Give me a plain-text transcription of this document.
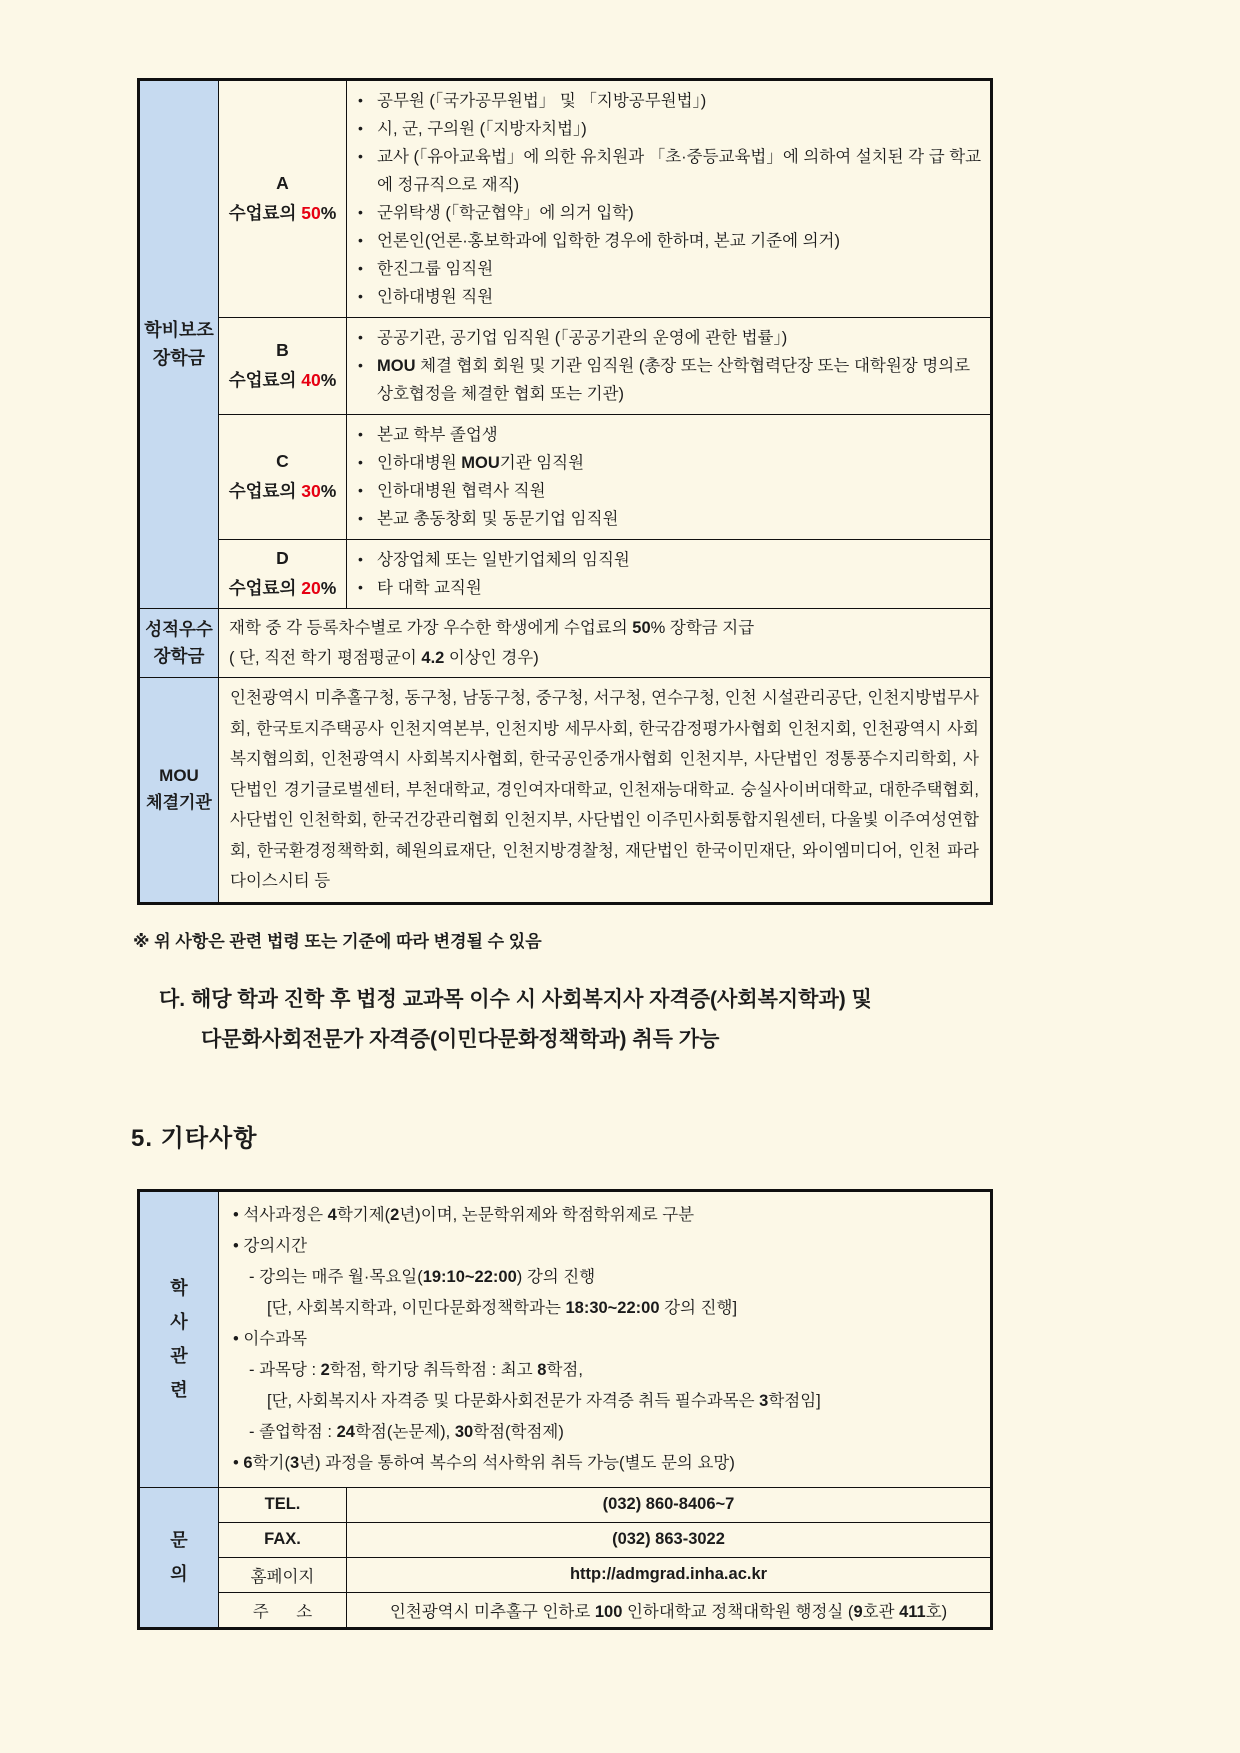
학비보조
장학금

A
수업료의 50%

• 공무원 (「국가공무원법」 및 「지방공무원법」)
• 시, 군, 구의원 (「지방자치법」)
• 교사 (「유아교육법」에 의한 유치원과 「초·중등교육법」에 의하여 설치된 각 급 학교에 정규직으로 재직)
• 군위탁생 (「학군협약」에 의거 입학)
• 언론인(언론·홍보학과에 입학한 경우에 한하며, 본교 기준에 의거)
• 한진그룹 임직원
• 인하대병원 직원

B
수업료의 40%

• 공공기관, 공기업 임직원 (「공공기관의 운영에 관한 법률」)
• MOU 체결 협회 회원 및 기관 임직원 (총장 또는 산학협력단장 또는 대학원장 명의로 상호협정을 체결한 협회 또는 기관)

C
수업료의 30%

• 본교 학부 졸업생
• 인하대병원 MOU기관 임직원
• 인하대병원 협력사 직원
• 본교 총동창회 및 동문기업 임직원

D
수업료의 20%

• 상장업체 또는 일반기업체의 임직원
• 타 대학 교직원

성적우수
장학금

재학 중 각 등록차수별로 가장 우수한 학생에게 수업료의 50% 장학금 지급
( 단, 직전 학기 평점평균이 4.2 이상인 경우)

MOU
체결기관	인천광역시 미추홀구청, 동구청, 남동구청, 중구청, 서구청, 연수구청, 인천 시설관리공단, 인천지방법무사회, 한국토지주택공사 인천지역본부, 인천지방 세무사회, 한국감정평가사협회 인천지회, 인천광역시 사회복지협의회, 인천광역시 사회복지사협회, 한국공인중개사협회 인천지부, 사단법인 정통풍수지리학회, 사단법인 경기글로벌센터, 부천대학교, 경인여자대학교, 인천재능대학교. 숭실사이버대학교, 대한주택협회, 사단법인 인천학회, 한국건강관리협회 인천지부, 사단법인 이주민사회통합지원센터, 다울빛 이주여성연합회, 한국환경정책학회, 혜원의료재단, 인천지방경찰청, 재단법인 한국이민재단, 와이엠미디어, 인천 파라다이스시티 등	
※ 위 사항은 관련 법령 또는 기준에 따라 변경될 수 있음
다. 해당 학과 진학 후 법정 교과목 이수 시 사회복지사 자격증(사회복지학과) 및
다문화사회전문가 자격증(이민다문화정책학과) 취득 가능
5. 기타사항
학
사
관
련

• 석사과정은 4학기제(2년)이며, 논문학위제와 학점학위제로 구분
• 강의시간
- 강의는 매주 월·목요일(19:10~22:00) 강의 진행
[단, 사회복지학과, 이민다문화정책학과는 18:30~22:00 강의 진행]
• 이수과목
- 과목당 : 2학점, 학기당 취득학점 : 최고 8학점,
[단, 사회복지사 자격증 및 다문화사회전문가 자격증 취득 필수과목은 3학점임]
- 졸업학점 : 24학점(논문제), 30학점(학점제)
• 6학기(3년) 과정을 통하여 복수의 석사학위 취득 가능(별도 문의 요망)

문
의	TEL.	(032) 860-8406~7
	FAX.	(032) 863-3022
	홈페이지	http://admgrad.inha.ac.kr
	주      소	인천광역시 미추홀구 인하로 100 인하대학교 정책대학원 행정실 (9호관 411호)
